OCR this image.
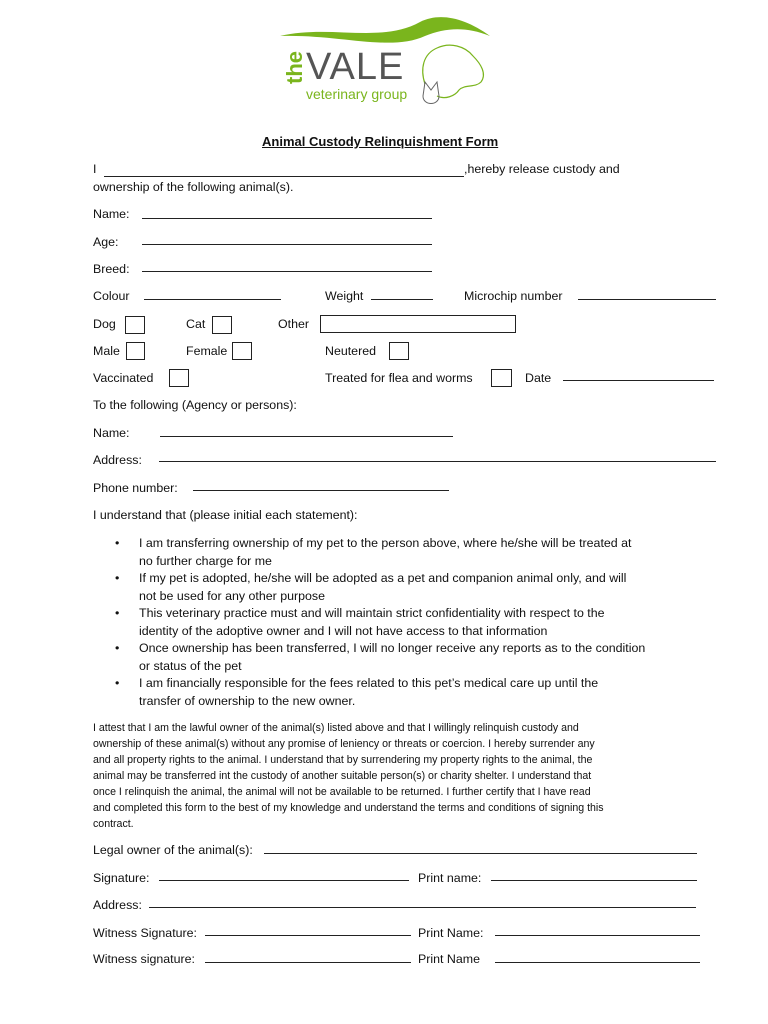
the VALE
veterinary group
Animal Custody Relinquishment Form
I	,hereby release custody and
ownership of the following animal(s).
Name:
Age:
Breed:
Colour	Weight	Microchip number
Dog	Cat	Other
Male	Female	Neutered
Vaccinated	Treated for flea and worms	Date
To the following (Agency or persons):
Name:
Address:
Phone number:
I understand that (please initial each statement):
• I am transferring ownership of my pet to the person above, where he/she will be treated at
no further charge for me
• If my pet is adopted, he/she will be adopted as a pet and companion animal only, and will
not be used for any other purpose
• This veterinary practice must and will maintain strict confidentiality with respect to the
identity of the adoptive owner and I will not have access to that information
• Once ownership has been transferred, I will no longer receive any reports as to the condition
or status of the pet
• I am financially responsible for the fees related to this pet’s medical care up until the
transfer of ownership to the new owner.
I attest that I am the lawful owner of the animal(s) listed above and that I willingly relinquish custody and
ownership of these animal(s) without any promise of leniency or threats or coercion. I hereby surrender any
and all property rights to the animal. I understand that by surrendering my property rights to the animal, the
animal may be transferred int the custody of another suitable person(s) or charity shelter. I understand that
once I relinquish the animal, the animal will not be available to be returned. I further certify that I have read
and completed this form to the best of my knowledge and understand the terms and conditions of signing this
contract.
Legal owner of the animal(s):
Signature:	Print name:
Address:
Witness Signature:	Print Name:
Witness signature:	Print Name
